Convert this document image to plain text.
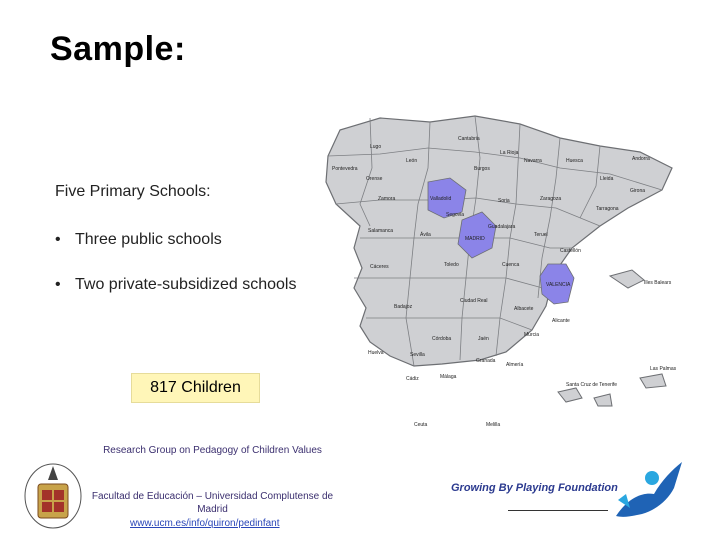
Sample:
Five Primary Schools:
• Three public schools
• Two private-subsidized schools
Andorra
Cantabria
Lugo
Pontevedra
Orense
León
Burgos
La Rioja
Navarra	Huesca
Lleida
Girona
Zamora	Valladolid	Soria	Zaragoza
Tarragona
Salamanca
Segovia
Guadalajara
Ávila
MADRID
Teruel
Castellón
Cáceres	Toledo	Cuenca
VALENCIA	Illes Balears
Ciudad Real
Badajoz	Albacete
Alicante
Córdoba	Jaén
Murcia
Huelva	Sevilla
Granada
Almería
Cádiz	Málaga
Las Palmas
Santa Cruz de Tenerife
Ceuta	Melilla
817 Children
Research Group on Pedagogy of Children Values
Facultad de Educación – Universidad Complutense de Madrid
www.ucm.es/info/quiron/pedinfant
Growing By Playing Foundation
